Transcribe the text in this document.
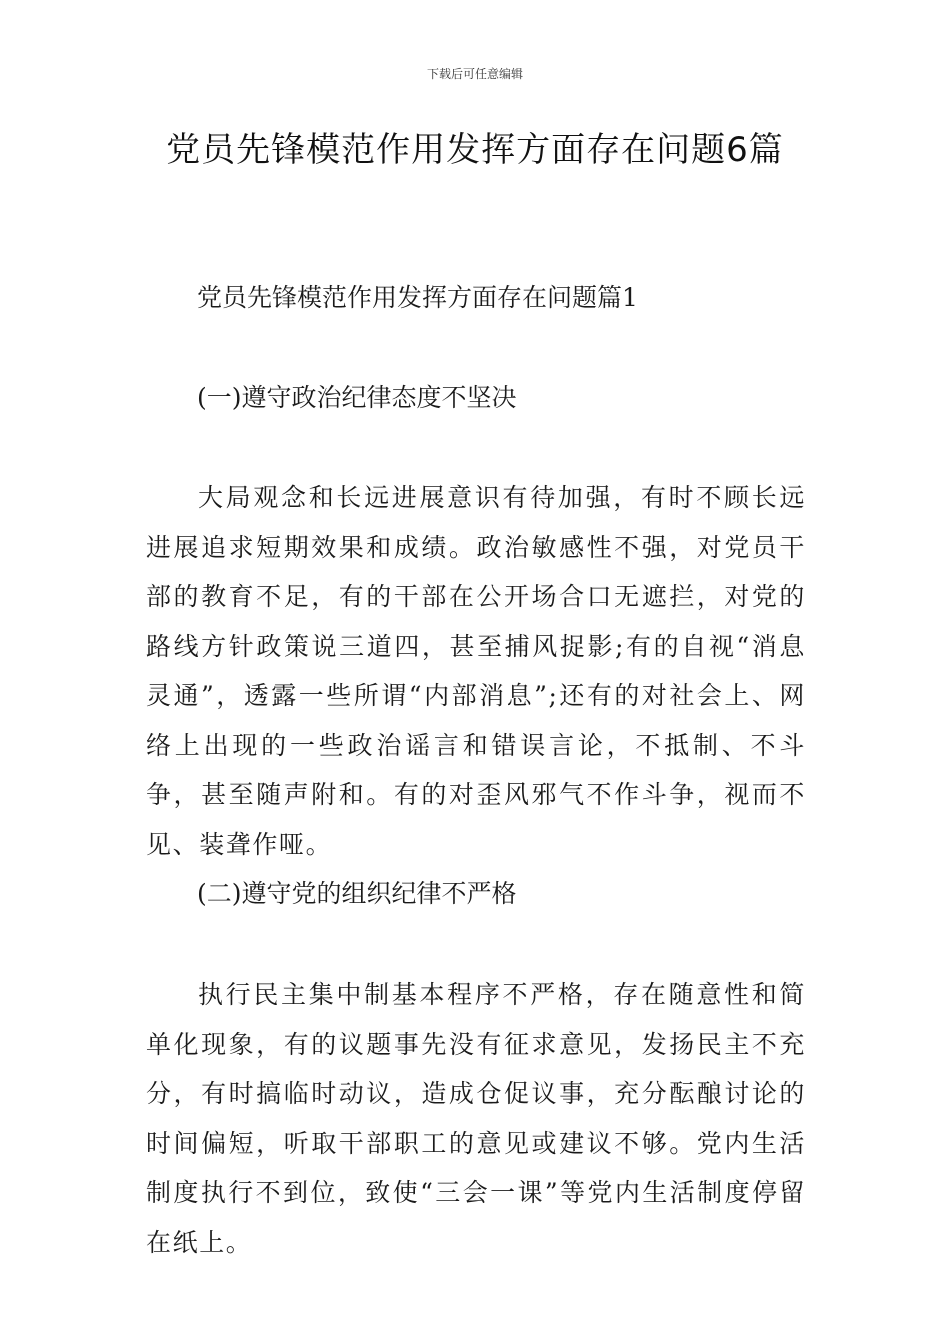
下载后可任意编辑
党员先锋模范作用发挥方面存在问题6篇

党员先锋模范作用发挥方面存在问题篇1

(一)遵守政治纪律态度不坚决

大局观念和长远进展意识有待加强，有时不顾长远进展追求短期效果和成绩。政治敏感性不强，对党员干部的教育不足，有的干部在公开场合口无遮拦，对党的路线方针政策说三道四，甚至捕风捉影;有的自视“消息灵通”，透露一些所谓“内部消息”;还有的对社会上、网络上出现的一些政治谣言和错误言论，不抵制、不斗争，甚至随声附和。有的对歪风邪气不作斗争，视而不见、装聋作哑。

(二)遵守党的组织纪律不严格

执行民主集中制基本程序不严格，存在随意性和简单化现象，有的议题事先没有征求意见，发扬民主不充分，有时搞临时动议，造成仓促议事，充分酝酿讨论的时间偏短，听取干部职工的意见或建议不够。党内生活制度执行不到位，致使“三会一课”等党内生活制度停留在纸上。
